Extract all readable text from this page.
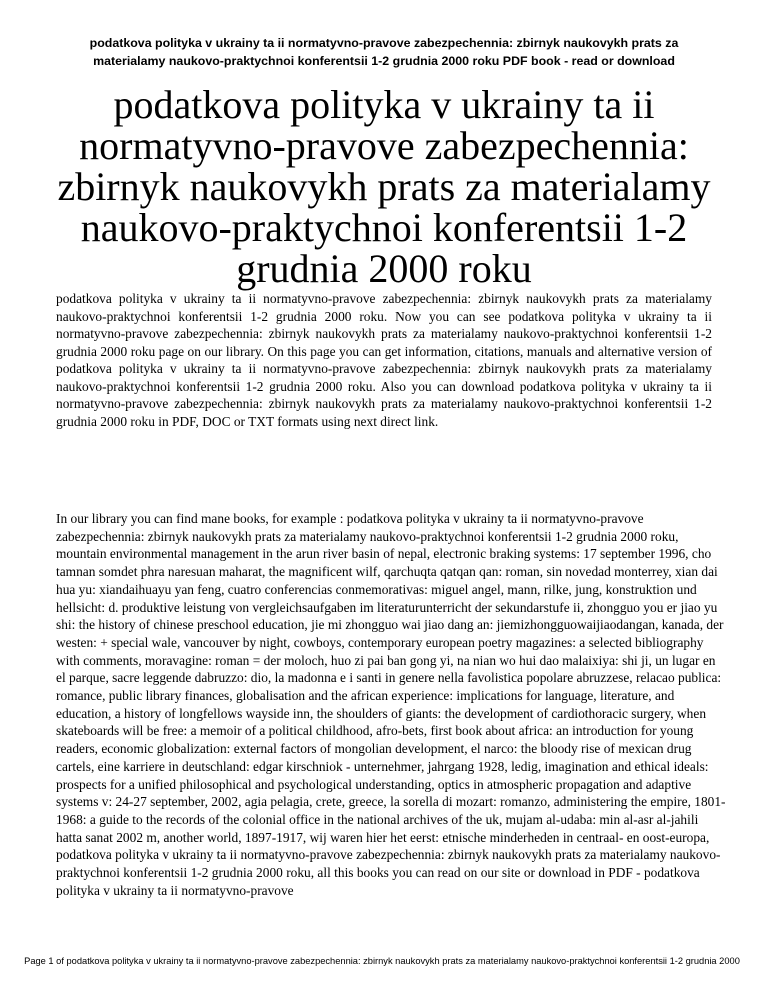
podatkova polityka v ukrainy ta ii normatyvno-pravove zabezpechennia: zbirnyk naukovykh prats za
materialamy naukovo-praktychnoi konferentsii 1-2 grudnia 2000 roku PDF book - read or download
podatkova polityka v ukrainy ta ii normatyvno-pravove zabezpechennia: zbirnyk naukovykh prats za materialamy naukovo-praktychnoi konferentsii 1-2 grudnia 2000 roku

podatkova polityka v ukrainy ta ii normatyvno-pravove zabezpechennia: zbirnyk naukovykh prats za materialamy naukovo-praktychnoi konferentsii 1-2 grudnia 2000 roku. Now you can see podatkova polityka v ukrainy ta ii normatyvno-pravove zabezpechennia: zbirnyk naukovykh prats za materialamy naukovo-praktychnoi konferentsii 1-2 grudnia 2000 roku page on our library. On this page you can get information, citations, manuals and alternative version of podatkova polityka v ukrainy ta ii normatyvno-pravove zabezpechennia: zbirnyk naukovykh prats za materialamy naukovo-praktychnoi konferentsii 1-2 grudnia 2000 roku. Also you can download podatkova polityka v ukrainy ta ii normatyvno-pravove zabezpechennia: zbirnyk naukovykh prats za materialamy naukovo-praktychnoi konferentsii 1-2 grudnia 2000 roku in PDF, DOC or TXT formats using next direct link.

In our library you can find mane books, for example : podatkova polityka v ukrainy ta ii normatyvno-pravove zabezpechennia: zbirnyk naukovykh prats za materialamy naukovo-praktychnoi konferentsii 1-2 grudnia 2000 roku, mountain environmental management in the arun river basin of nepal, electronic braking systems: 17 september 1996, cho tamnan somdet phra naresuan maharat, the magnificent wilf, qarchuqta qatqan qan: roman, sin novedad monterrey, xian dai hua yu: xiandaihuayu yan feng, cuatro conferencias conmemorativas: miguel angel, mann, rilke, jung, konstruktion und hellsicht: d. produktive leistung von vergleichsaufgaben im literaturunterricht der sekundarstufe ii, zhongguo you er jiao yu shi: the history of chinese preschool education, jie mi zhongguo wai jiao dang an: jiemizhongguowaijiaodangan, kanada, der westen: + special wale, vancouver by night, cowboys, contemporary european poetry magazines: a selected bibliography with comments, moravagine: roman = der moloch, huo zi pai ban gong yi, na nian wo hui dao malaixiya: shi ji, un lugar en el parque, sacre leggende dabruzzo: dio, la madonna e i santi in genere nella favolistica popolare abruzzese, relacao publica: romance, public library finances, globalisation and the african experience: implications for language, literature, and education, a history of longfellows wayside inn, the shoulders of giants: the development of cardiothoracic surgery, when skateboards will be free: a memoir of a political childhood, afro-bets, first book about africa: an introduction for young readers, economic globalization: external factors of mongolian development, el narco: the bloody rise of mexican drug cartels, eine karriere in deutschland: edgar kirschniok - unternehmer, jahrgang 1928, ledig, imagination and ethical ideals: prospects for a unified philosophical and psychological understanding, optics in atmospheric propagation and adaptive systems v: 24-27 september, 2002, agia pelagia, crete, greece, la sorella di mozart: romanzo, administering the empire, 1801-1968: a guide to the records of the colonial office in the national archives of the uk, mujam al-udaba: min al-asr al-jahili hatta sanat 2002 m, another world, 1897-1917, wij waren hier het eerst: etnische minderheden in centraal- en oost-europa, podatkova polityka v ukrainy ta ii normatyvno-pravove zabezpechennia: zbirnyk naukovykh prats za materialamy naukovo-praktychnoi konferentsii 1-2 grudnia 2000 roku, all this books you can read on our site or download in PDF - podatkova polityka v ukrainy ta ii normatyvno-pravove

Page 1 of podatkova polityka v ukrainy ta ii normatyvno-pravove zabezpechennia: zbirnyk naukovykh prats za materialamy naukovo-praktychnoi konferentsii 1-2 grudnia 2000
